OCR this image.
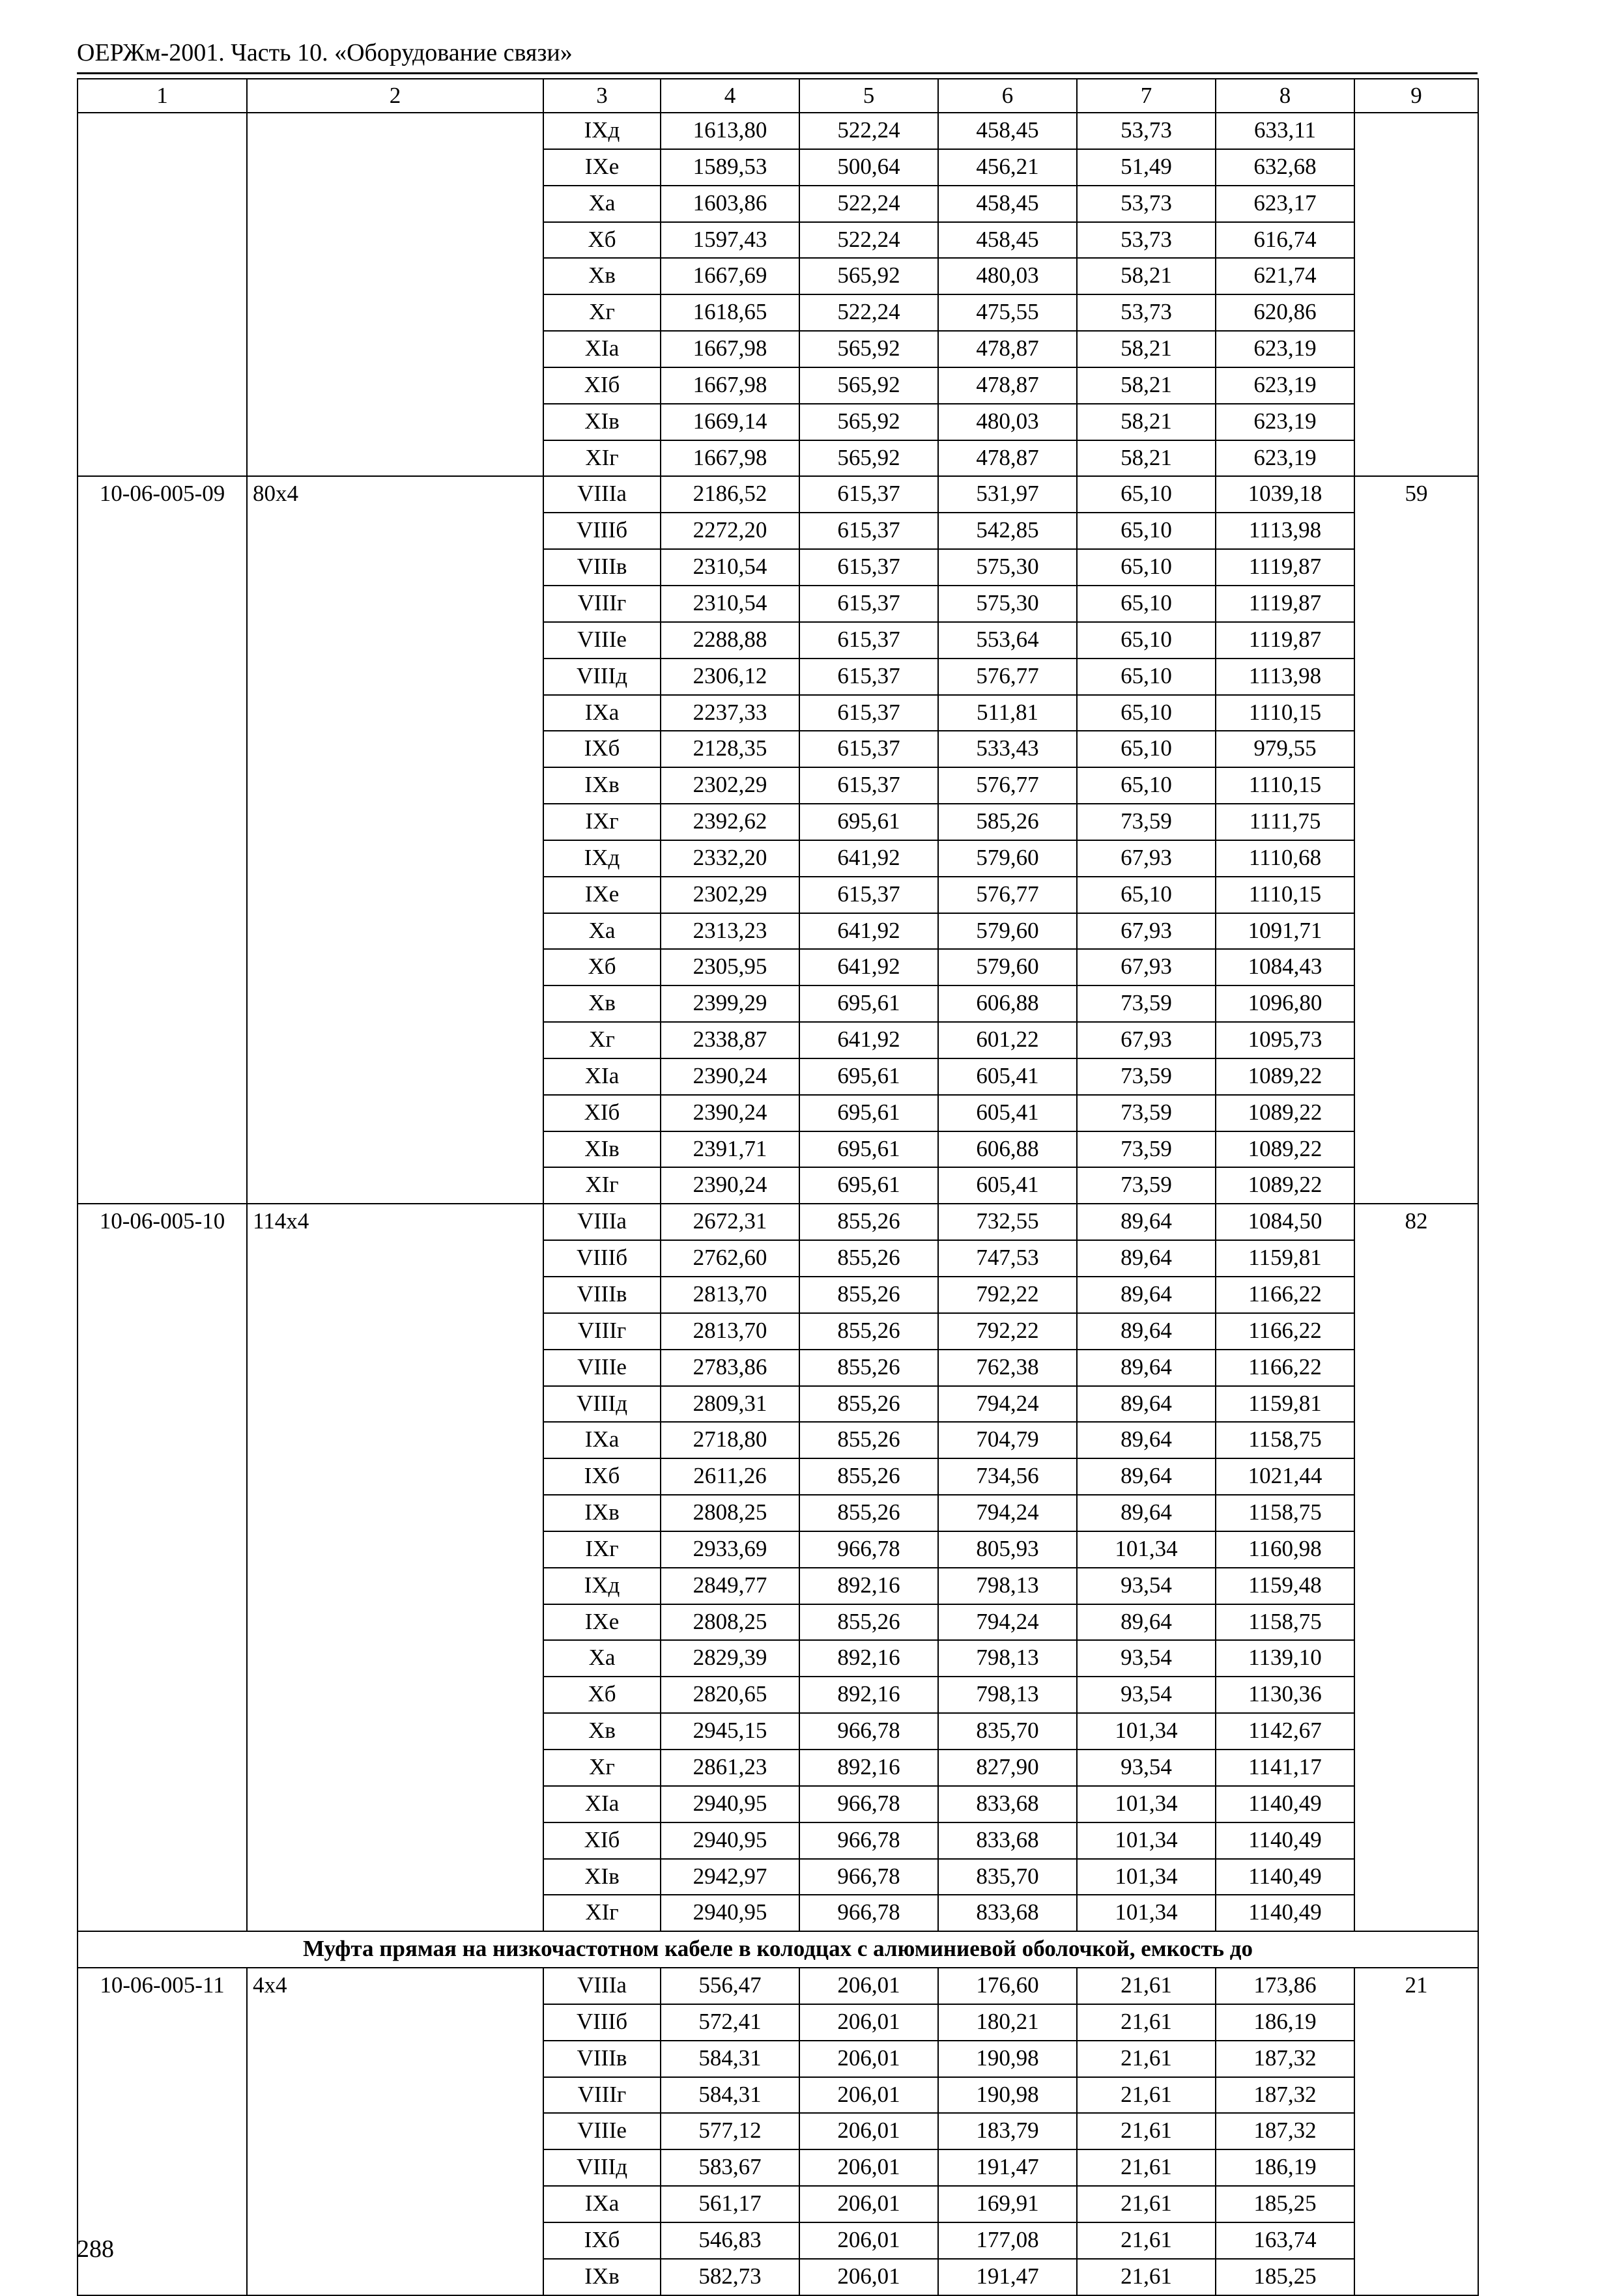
ОЕРЖм-2001. Часть 10. «Оборудование связи»
1	2	3	4	5	6	7	8	9
		IXд	1613,80	522,24	458,45	53,73	633,11	
		IXе	1589,53	500,64	456,21	51,49	632,68	
		Xа	1603,86	522,24	458,45	53,73	623,17	
		Xб	1597,43	522,24	458,45	53,73	616,74	
		Xв	1667,69	565,92	480,03	58,21	621,74	
		Xг	1618,65	522,24	475,55	53,73	620,86	
		XIа	1667,98	565,92	478,87	58,21	623,19	
		XIб	1667,98	565,92	478,87	58,21	623,19	
		XIв	1669,14	565,92	480,03	58,21	623,19	
		XIг	1667,98	565,92	478,87	58,21	623,19	
10-06-005-09	80х4	VIIIа	2186,52	615,37	531,97	65,10	1039,18	59
		VIIIб	2272,20	615,37	542,85	65,10	1113,98	
		VIIIв	2310,54	615,37	575,30	65,10	1119,87	
		VIIIг	2310,54	615,37	575,30	65,10	1119,87	
		VIIIе	2288,88	615,37	553,64	65,10	1119,87	
		VIIIд	2306,12	615,37	576,77	65,10	1113,98	
		IXа	2237,33	615,37	511,81	65,10	1110,15	
		IXб	2128,35	615,37	533,43	65,10	979,55	
		IXв	2302,29	615,37	576,77	65,10	1110,15	
		IXг	2392,62	695,61	585,26	73,59	1111,75	
		IXд	2332,20	641,92	579,60	67,93	1110,68	
		IXе	2302,29	615,37	576,77	65,10	1110,15	
		Xа	2313,23	641,92	579,60	67,93	1091,71	
		Xб	2305,95	641,92	579,60	67,93	1084,43	
		Xв	2399,29	695,61	606,88	73,59	1096,80	
		Xг	2338,87	641,92	601,22	67,93	1095,73	
		XIа	2390,24	695,61	605,41	73,59	1089,22	
		XIб	2390,24	695,61	605,41	73,59	1089,22	
		XIв	2391,71	695,61	606,88	73,59	1089,22	
		XIг	2390,24	695,61	605,41	73,59	1089,22	
10-06-005-10	114х4	VIIIа	2672,31	855,26	732,55	89,64	1084,50	82
		VIIIб	2762,60	855,26	747,53	89,64	1159,81	
		VIIIв	2813,70	855,26	792,22	89,64	1166,22	
		VIIIг	2813,70	855,26	792,22	89,64	1166,22	
		VIIIе	2783,86	855,26	762,38	89,64	1166,22	
		VIIIд	2809,31	855,26	794,24	89,64	1159,81	
		IXа	2718,80	855,26	704,79	89,64	1158,75	
		IXб	2611,26	855,26	734,56	89,64	1021,44	
		IXв	2808,25	855,26	794,24	89,64	1158,75	
		IXг	2933,69	966,78	805,93	101,34	1160,98	
		IXд	2849,77	892,16	798,13	93,54	1159,48	
		IXе	2808,25	855,26	794,24	89,64	1158,75	
		Xа	2829,39	892,16	798,13	93,54	1139,10	
		Xб	2820,65	892,16	798,13	93,54	1130,36	
		Xв	2945,15	966,78	835,70	101,34	1142,67	
		Xг	2861,23	892,16	827,90	93,54	1141,17	
		XIа	2940,95	966,78	833,68	101,34	1140,49	
		XIб	2940,95	966,78	833,68	101,34	1140,49	
		XIв	2942,97	966,78	835,70	101,34	1140,49	
		XIг	2940,95	966,78	833,68	101,34	1140,49	
Муфта прямая на низкочастотном кабеле в колодцах с алюминиевой оболочкой, емкость до								
10-06-005-11	4х4	VIIIа	556,47	206,01	176,60	21,61	173,86	21
		VIIIб	572,41	206,01	180,21	21,61	186,19	
		VIIIв	584,31	206,01	190,98	21,61	187,32	
		VIIIг	584,31	206,01	190,98	21,61	187,32	
		VIIIе	577,12	206,01	183,79	21,61	187,32	
		VIIIд	583,67	206,01	191,47	21,61	186,19	
		IXа	561,17	206,01	169,91	21,61	185,25	
		IXб	546,83	206,01	177,08	21,61	163,74	
		IXв	582,73	206,01	191,47	21,61	185,25	
288
